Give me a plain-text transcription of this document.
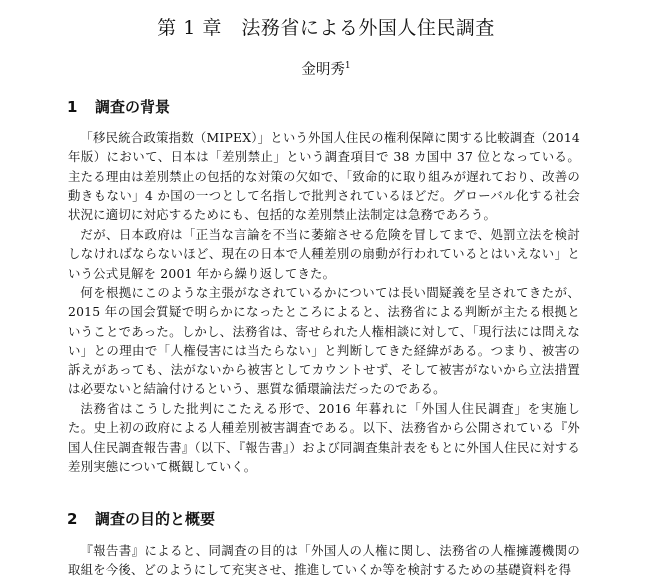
第 1 章　法務省による外国人住民調査
金明秀$^1$
1 調査の背景

「移民統合政策指数（MIPEX）」という外国人住民の権利保障に関する比較調査（2014年版）において、日本は「差別禁止」という調査項目で 38 カ国中 37 位となっている。主たる理由は差別禁止の包括的な対策の欠如で、「致命的に取り組みが遅れており、改善の動きもない」4 か国の一つとして名指しで批判されているほどだ。グローバル化する社会状況に適切に対応するためにも、包括的な差別禁止法制定は急務であろう。

だが、日本政府は「正当な言論を不当に萎縮させる危険を冒してまで、処罰立法を検討しなければならないほど、現在の日本で人種差別の扇動が行われているとはいえない」という公式見解を 2001 年から繰り返してきた。

何を根拠にこのような主張がなされているかについては長い間疑義を呈されてきたが、2015 年の国会質疑で明らかになったところによると、法務省による判断が主たる根拠ということであった。しかし、法務省は、寄せられた人権相談に対して、「現行法には問えない」との理由で「人権侵害には当たらない」と判断してきた経緯がある。つまり、被害の訴えがあっても、法がないから被害としてカウントせず、そして被害がないから立法措置は必要ないと結論付けるという、悪質な循環論法だったのである。

法務省はこうした批判にこたえる形で、2016 年暮れに「外国人住民調査」を実施した。史上初の政府による人種差別被害調査である。以下、法務省から公開されている『外国人住民調査報告書』（以下、『報告書』）および同調査集計表をもとに外国人住民に対する差別実態について概観していく。

2 調査の目的と概要

『報告書』によると、同調査の目的は「外国人の人権に関し、法務省の人権擁護機関の取組を今後、どのようにして充実させ、推進していくか等を検討するための基礎資料を得
